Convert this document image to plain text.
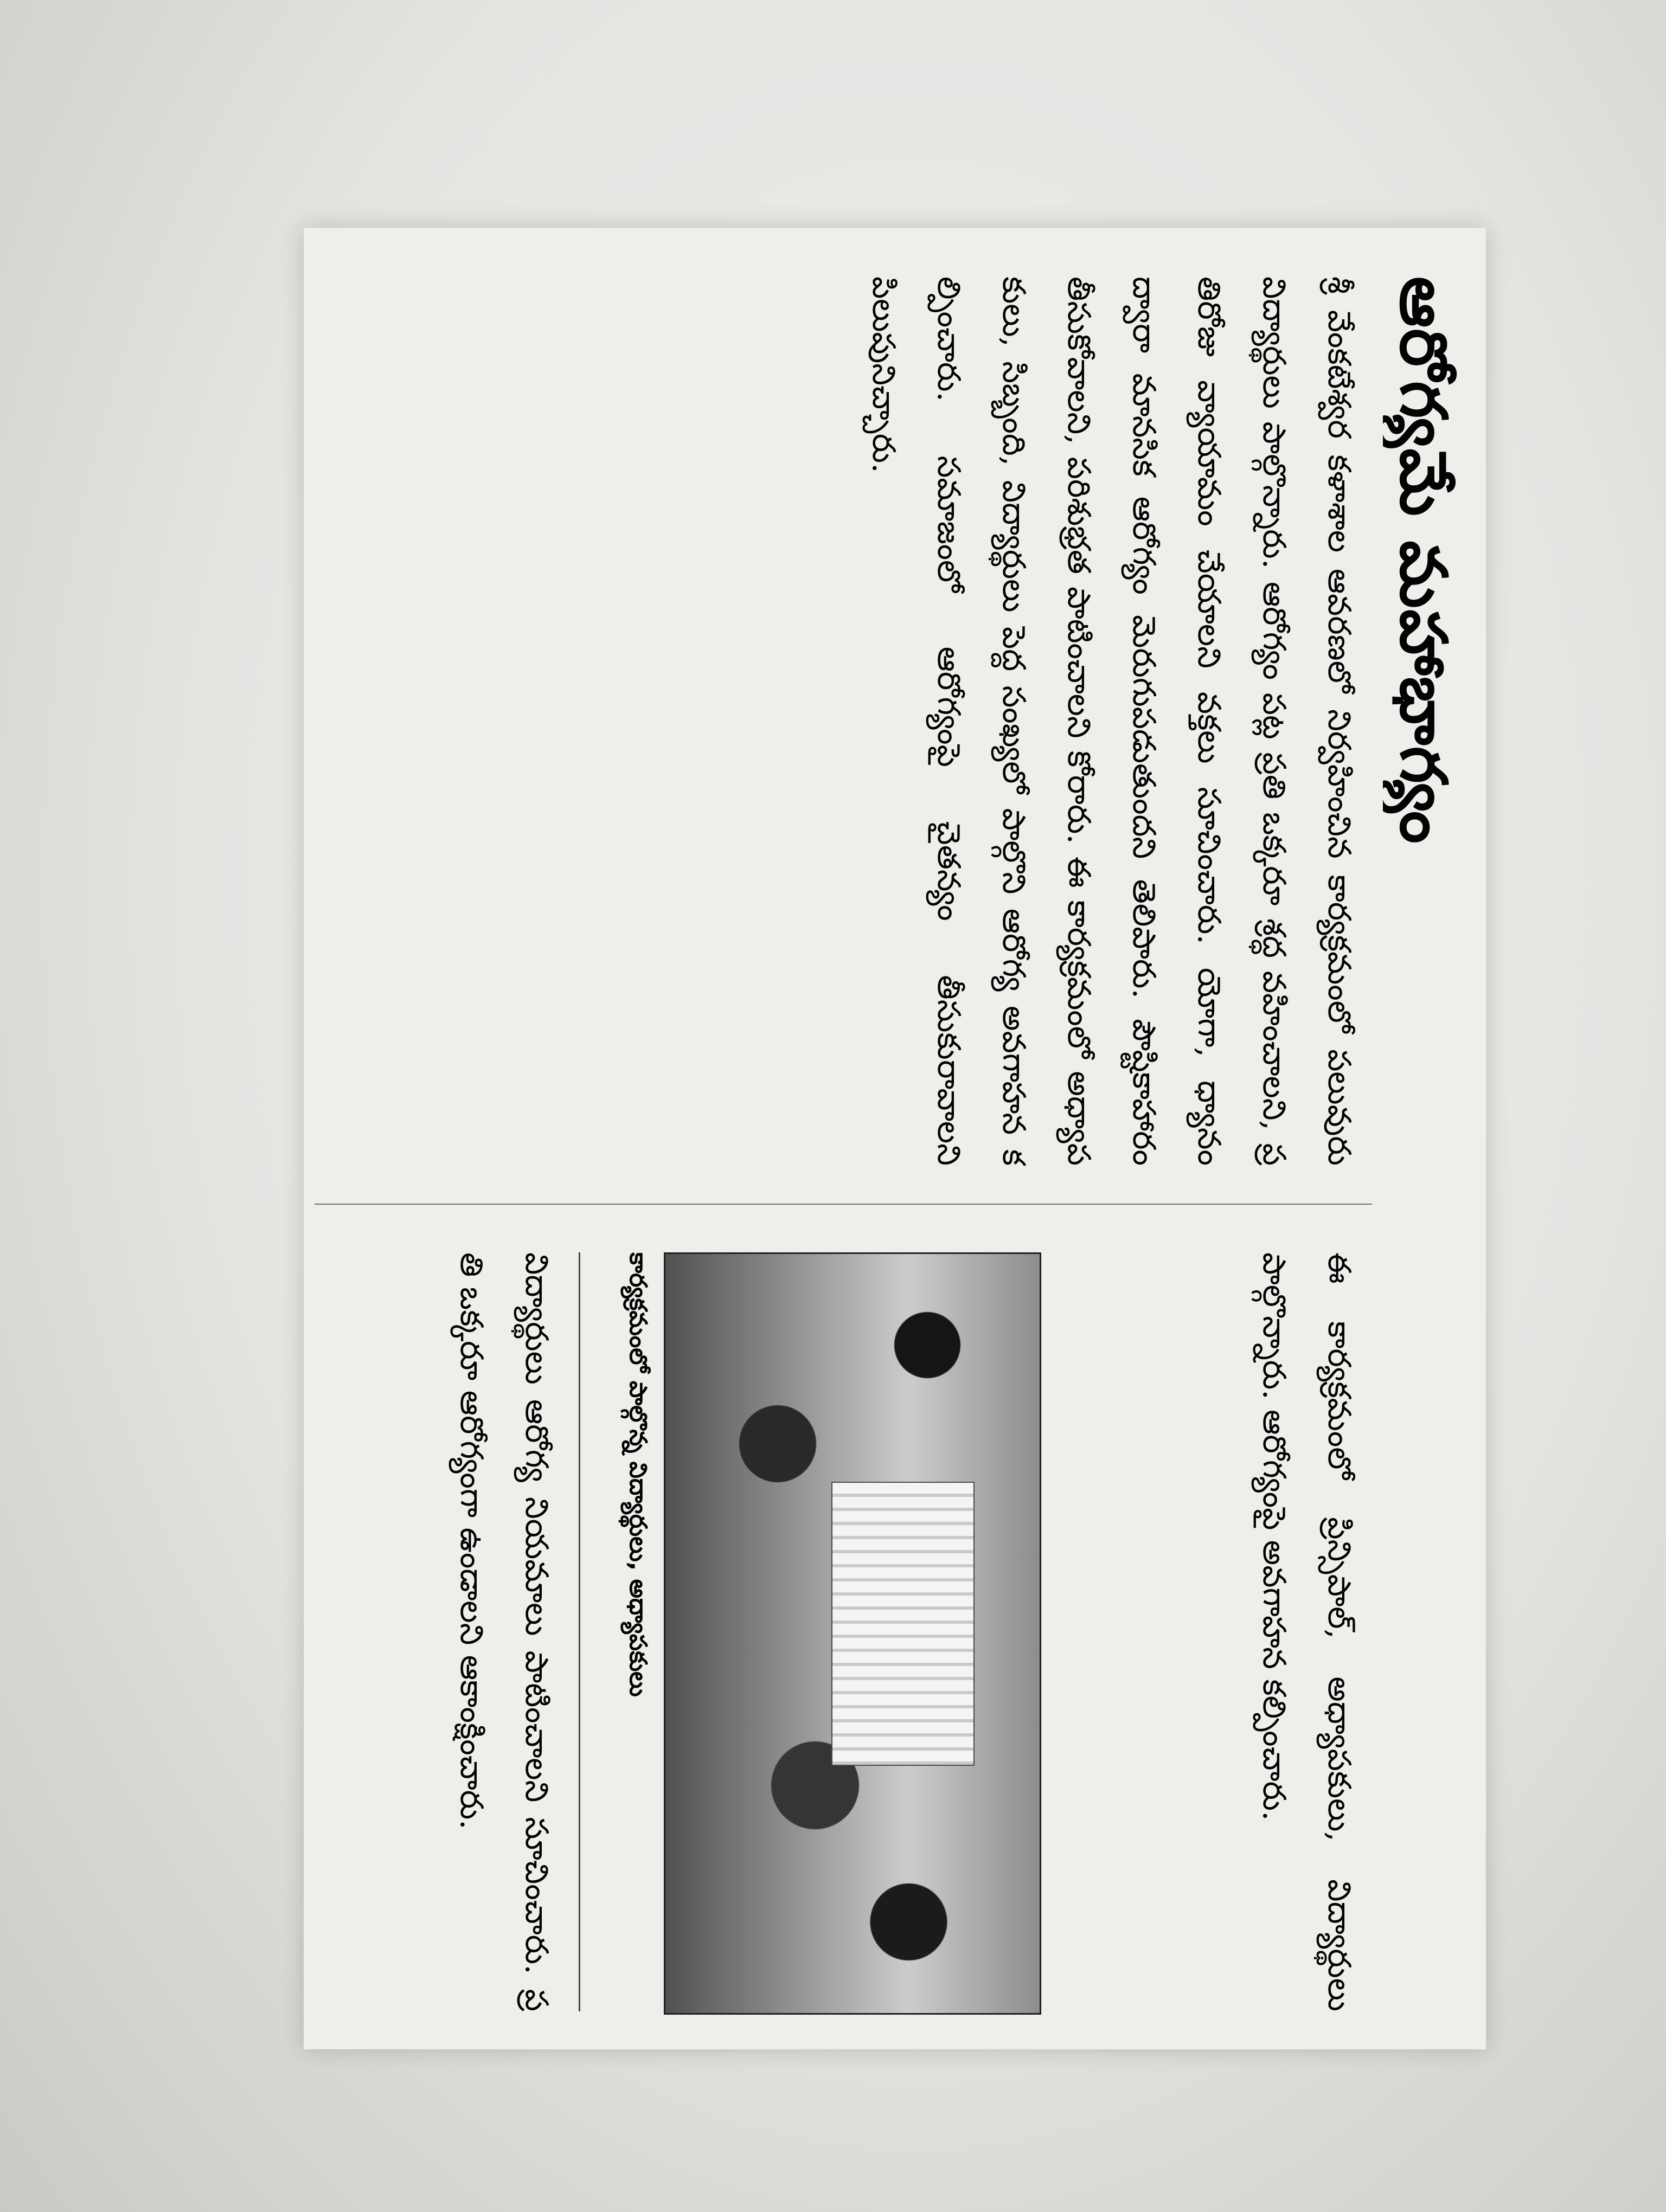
ఆరోగ్యమే మహాభాగ్యం
శ్రీ వేంకటేశ్వర కళాశాల ఆవరణలో నిర్వహించిన కార్యక్రమంలో పలువురు విద్యార్థులు పాల్గొన్నారు. ఆరోగ్యం పట్ల ప్రతి ఒక్కరూ శ్రద్ధ వహించాలని, ప్రతిరోజు వ్యాయామం చేయాలని వక్తలు సూచించారు. యోగా, ధ్యానం ద్వారా మానసిక ఆరోగ్యం మెరుగుపడుతుందని తెలిపారు. పౌష్టికాహారం తీసుకోవాలని, పరిశుభ్రత పాటించాలని కోరారు. ఈ కార్యక్రమంలో అధ్యాపకులు, సిబ్బంది, విద్యార్థులు పెద్ద సంఖ్యలో పాల్గొని ఆరోగ్య అవగాహన కల్పించారు. సమాజంలో ఆరోగ్యంపై చైతన్యం తీసుకురావాలని పిలుపునిచ్చారు.
ఈ కార్యక్రమంలో ప్రిన్సిపాల్, అధ్యాపకులు, విద్యార్థులు పాల్గొన్నారు. ఆరోగ్యంపై అవగాహన కల్పించారు.
కార్యక్రమంలో పాల్గొన్న విద్యార్థులు, అధ్యాపకులు
విద్యార్థులు ఆరోగ్య నియమాలు పాటించాలని సూచించారు. ప్రతి ఒక్కరూ ఆరోగ్యంగా ఉండాలని ఆకాంక్షించారు.
